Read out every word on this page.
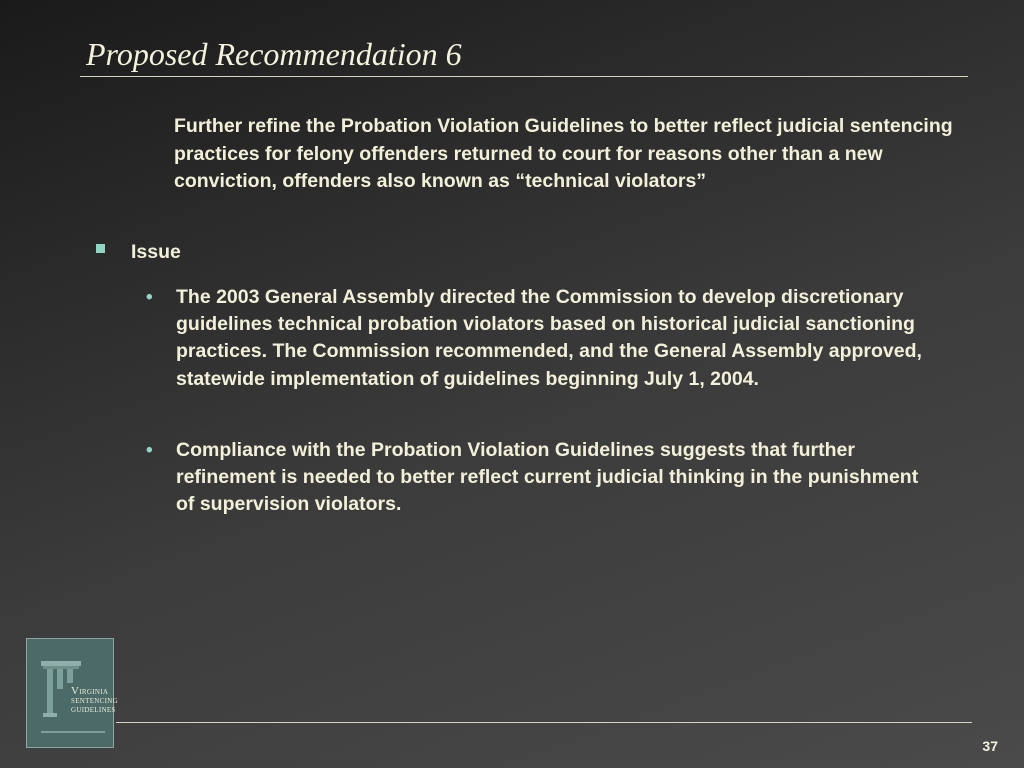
Proposed Recommendation 6

Further refine the Probation Violation Guidelines to better reflect judicial sentencing practices for felony offenders returned to court for reasons other than a new conviction, offenders also known as “technical violators”

Issue

•	The 2003 General Assembly directed the Commission to develop discretionary guidelines technical probation violators based on historical judicial sanctioning practices. The Commission recommended, and the General Assembly approved, statewide implementation of guidelines beginning July 1, 2004.

•	Compliance with the Probation Violation Guidelines suggests that further refinement is needed to better reflect current judicial thinking in the punishment of supervision violators.

VIRGINIA
SENTENCING
GUIDELINES
37
